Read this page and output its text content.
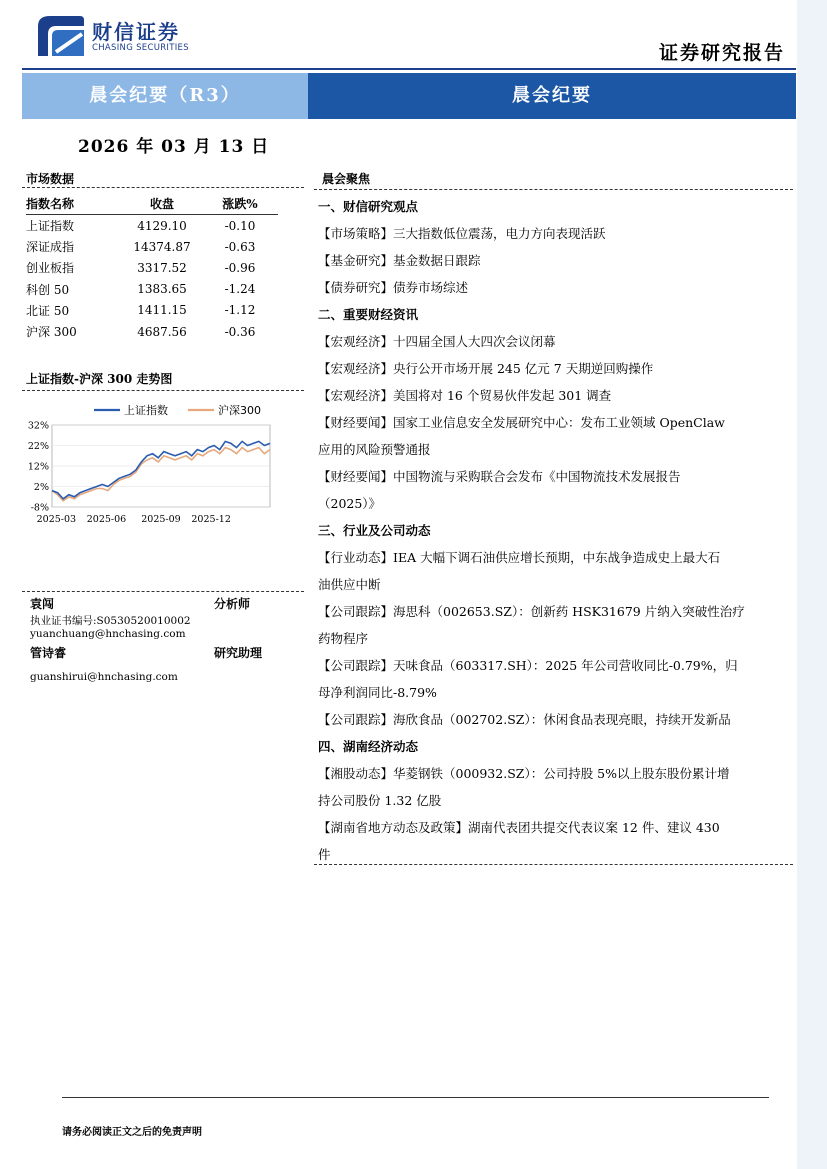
财信证券
CHASING SECURITIES	证券研究报告
晨会纪要（R3）	晨会纪要
2026 年 03 月 13 日
市场数据
指数名称	收盘	涨跌%
上证指数	4129.10	-0.10
深证成指	14374.87	-0.63
创业板指	3317.52	-0.96
科创 50	1383.65	-1.24
北证 50	1411.15	-1.12
沪深 300	4687.56	-0.36
上证指数-沪深 300 走势图
32%
22%
12%
2%
-8%
2025-03 2025-06 2025-09 2025-12
上证指数	沪深300
袁闯	分析师
执业证书编号:S0530520010002
yuanchuang@hnchasing.com
管诗睿	研究助理
guanshirui@hnchasing.com
晨会聚焦
一、财信研究观点
【市场策略】三大指数低位震荡，电力方向表现活跃
【基金研究】基金数据日跟踪
【债券研究】债券市场综述
二、重要财经资讯
【宏观经济】十四届全国人大四次会议闭幕
【宏观经济】央行公开市场开展 245 亿元 7 天期逆回购操作
【宏观经济】美国将对 16 个贸易伙伴发起 301 调查
【财经要闻】国家工业信息安全发展研究中心：发布工业领域 OpenClaw
应用的风险预警通报
【财经要闻】中国物流与采购联合会发布《中国物流技术发展报告
（2025）》
三、行业及公司动态
【行业动态】IEA 大幅下调石油供应增长预期，中东战争造成史上最大石
油供应中断
【公司跟踪】海思科（002653.SZ）：创新药 HSK31679 片纳入突破性治疗
药物程序
【公司跟踪】天味食品（603317.SH）：2025 年公司营收同比-0.79%，归
母净利润同比-8.79%
【公司跟踪】海欣食品（002702.SZ）：休闲食品表现亮眼，持续开发新品
四、湖南经济动态
【湘股动态】华菱钢铁（000932.SZ）：公司持股 5%以上股东股份累计增
持公司股份 1.32 亿股
【湖南省地方动态及政策】湖南代表团共提交代表议案 12 件、建议 430
件
请务必阅读正文之后的免责声明
